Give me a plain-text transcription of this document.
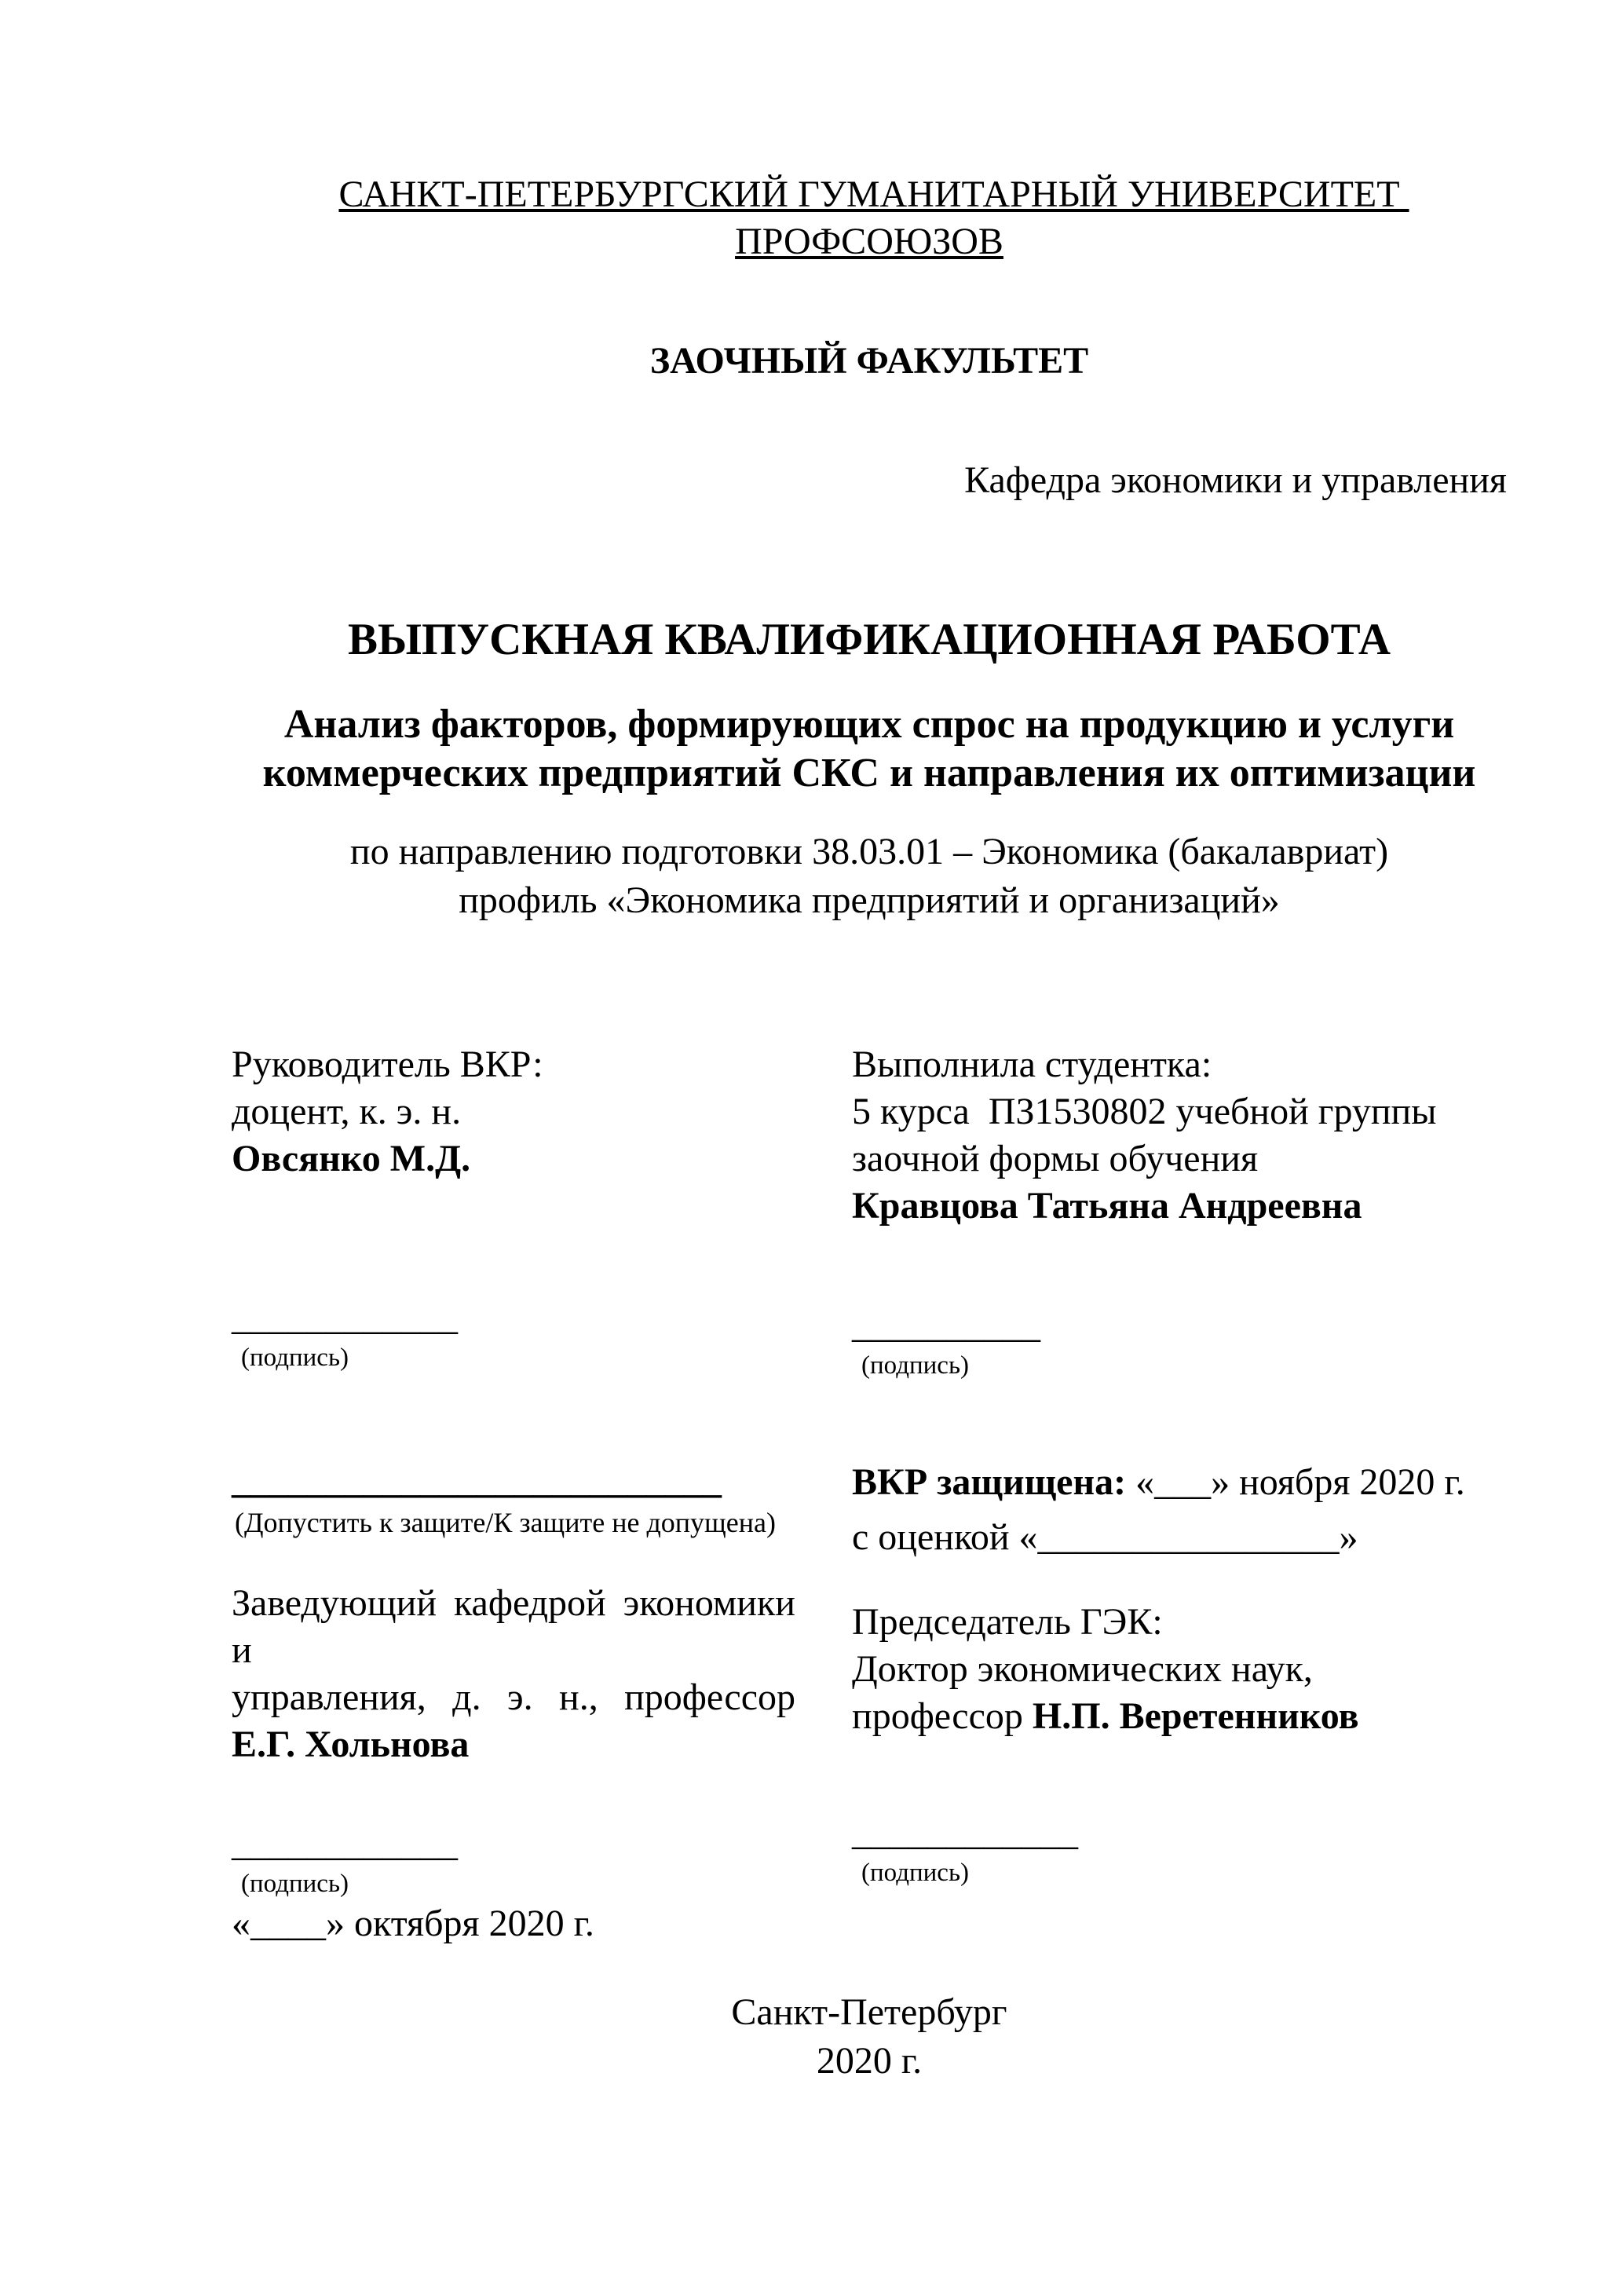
САНКТ-ПЕТЕРБУРГСКИЙ ГУМАНИТАРНЫЙ УНИВЕРСИТЕТ ПРОФСОЮЗОВ
ЗАОЧНЫЙ ФАКУЛЬТЕТ
Кафедра экономики и управления
ВЫПУСКНАЯ КВАЛИФИКАЦИОННАЯ РАБОТА
Анализ факторов, формирующих спрос на продукцию и услуги
коммерческих предприятий СКС и направления их оптимизации
по направлению подготовки 38.03.01 – Экономика (бакалавриат)
профиль «Экономика предприятий и организаций»
Руководитель ВКР:
доцент, к. э. н.
Овсянко М.Д.
____________
(подпись)
__________________________
(Допустить к защите/К защите не допущена)
Заведующий кафедрой экономики и
управления, д. э. н., профессор
Е.Г. Хольнова
____________
(подпись)
«____» октября 2020 г.
Выполнила студентка:
5 курса  ПЗ1530802 учебной группы
заочной формы обучения
Кравцова Татьяна Андреевна
__________
(подпись)
ВКР защищена: «___» ноября 2020 г.
с оценкой «________________»
Председатель ГЭК:
Доктор экономических наук,
профессор Н.П. Веретенников
____________
(подпись)
Санкт-Петербург
2020 г.
